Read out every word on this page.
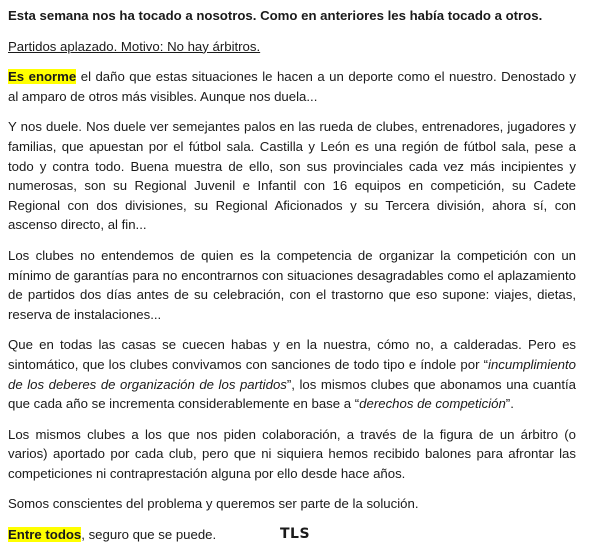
Esta semana nos ha tocado a nosotros. Como en anteriores les había tocado a otros.
Partidos aplazado. Motivo: No hay árbitros.
Es enorme el daño que estas situaciones le hacen a un deporte como el nuestro. Denostado y al amparo de otros más visibles. Aunque nos duela...
Y nos duele. Nos duele ver semejantes palos en las rueda de clubes, entrenadores, jugadores y familias, que apuestan por el fútbol sala. Castilla y León es una región de fútbol sala, pese a todo y contra todo. Buena muestra de ello, son sus provinciales cada vez más incipientes y numerosas, son su Regional Juvenil e Infantil con 16 equipos en competición, su Cadete Regional con dos divisiones, su Regional Aficionados y su Tercera división, ahora sí, con ascenso directo, al fin...
Los clubes no entendemos de quien es la competencia de organizar la competición con un mínimo de garantías para no encontrarnos con situaciones desagradables como el aplazamiento de partidos dos días antes de su celebración, con el trastorno que eso supone: viajes, dietas, reserva de instalaciones...
Que en todas las casas se cuecen habas y en la nuestra, cómo no, a calderadas. Pero es sintomático, que los clubes convivamos con sanciones de todo tipo e índole por “incumplimiento de los deberes de organización de los partidos”, los mismos clubes que abonamos una cuantía que cada año se incrementa considerablemente en base a “derechos de competición”.
Los mismos clubes a los que nos piden colaboración, a través de la figura de un árbitro (o varios) aportado por cada club, pero que ni siquiera hemos recibido balones para afrontar las competiciones ni contraprestación alguna por ello desde hace años.
Somos conscientes del problema y queremos ser parte de la solución.
Entre todos, seguro que se puede.	TLS
